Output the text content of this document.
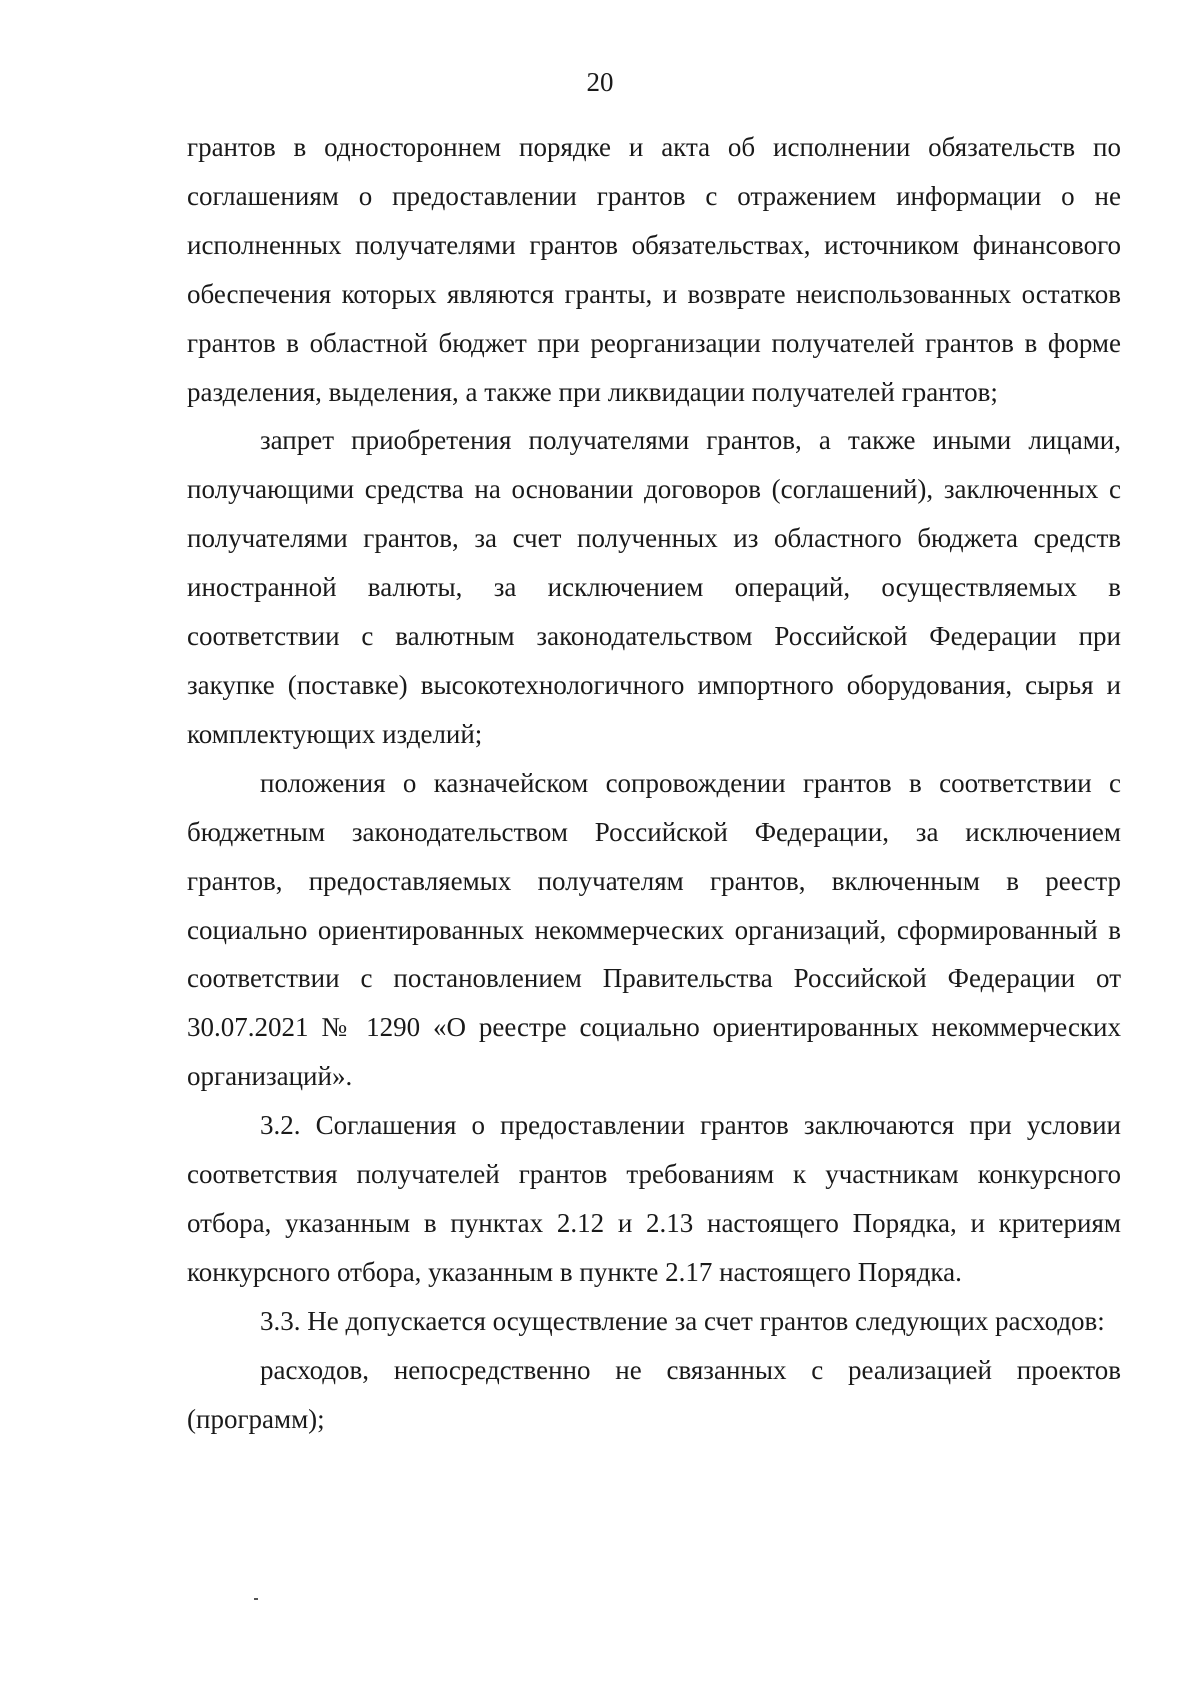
20

грантов в одностороннем порядке и акта об исполнении обязательств по соглашениям о предоставлении грантов с отражением информации о не исполненных получателями грантов обязательствах, источником финансового обеспечения которых являются гранты, и возврате неиспользованных остатков грантов в областной бюджет при реорганизации получателей грантов в форме разделения, выделения, а также при ликвидации получателей грантов;

запрет приобретения получателями грантов, а также иными лицами, получающими средства на основании договоров (соглашений), заключенных с получателями грантов, за счет полученных из областного бюджета средств иностранной валюты, за исключением операций, осуществляемых в соответствии с валютным законодательством Российской Федерации при закупке (поставке) высокотехнологичного импортного оборудования, сырья и комплектующих изделий;

положения о казначейском сопровождении грантов в соответствии с бюджетным законодательством Российской Федерации, за исключением грантов, предоставляемых получателям грантов, включенным в реестр социально ориентированных некоммерческих организаций, сформированный в соответствии с постановлением Правительства Российской Федерации от 30.07.2021 № 1290 «О реестре социально ориентированных некоммерческих организаций».

3.2. Соглашения о предоставлении грантов заключаются при условии соответствия получателей грантов требованиям к участникам конкурсного отбора, указанным в пунктах 2.12 и 2.13 настоящего Порядка, и критериям конкурсного отбора, указанным в пункте 2.17 настоящего Порядка.

3.3. Не допускается осуществление за счет грантов следующих расходов:

расходов, непосредственно не связанных с реализацией проектов (программ);
